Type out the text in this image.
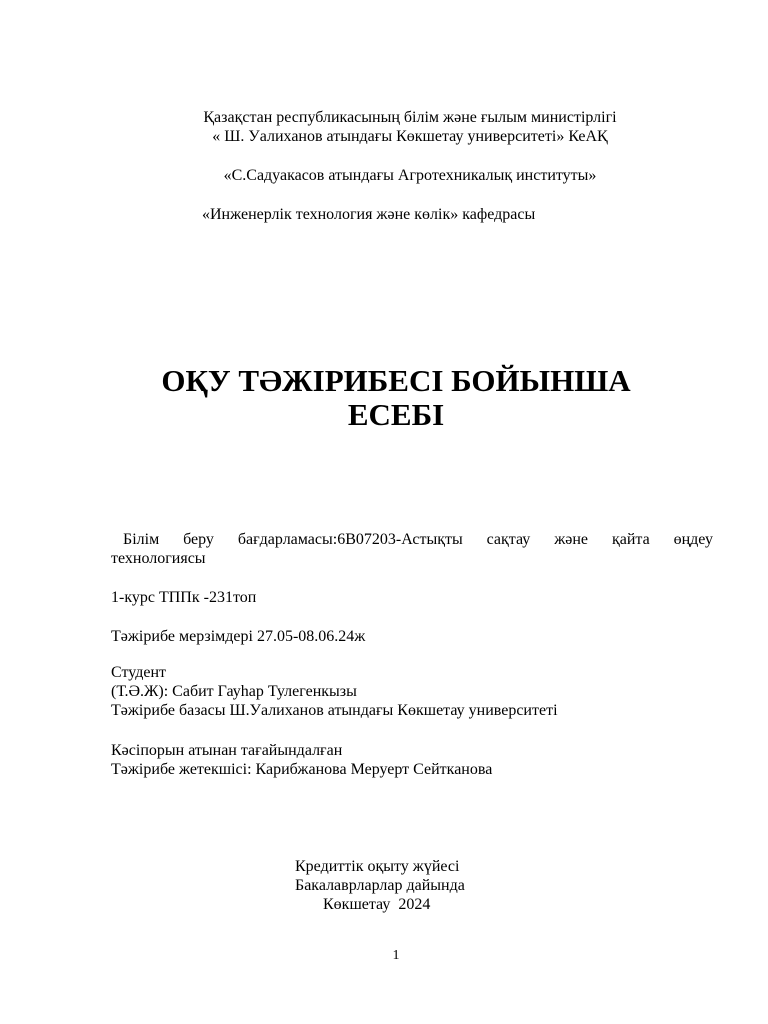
Қазақстан республикасының білім және ғылым министірлігі
« Ш. Уалиханов атындағы Көкшетау университеті» КеАҚ
«С.Садуакасов атындағы Агротехникалық институты»
«Инженерлік технология және көлік» кафедрасы
ОҚУ ТӘЖІРИБЕСІ БОЙЫНША
ЕСЕБІ
Білім беру бағдарламасы:6В07203-Астықты сақтау және қайта өңдеу
технологиясы
1-курс ТППк -231топ
Тәжірибе мерзімдері 27.05-08.06.24ж
Студент
(Т.Ә.Ж): Сабит Гауhар Тулегенкызы
Тәжірибе базасы Ш.Уалиханов атындағы Көкшетау университеті
Кәсіпорын атынан тағайындалған
Тәжірибе жетекшісі: Карибжанова Меруерт Сейтканова
Кредиттік оқыту жүйесі
Бакалаврларлар дайында
Көкшетау  2024
1
